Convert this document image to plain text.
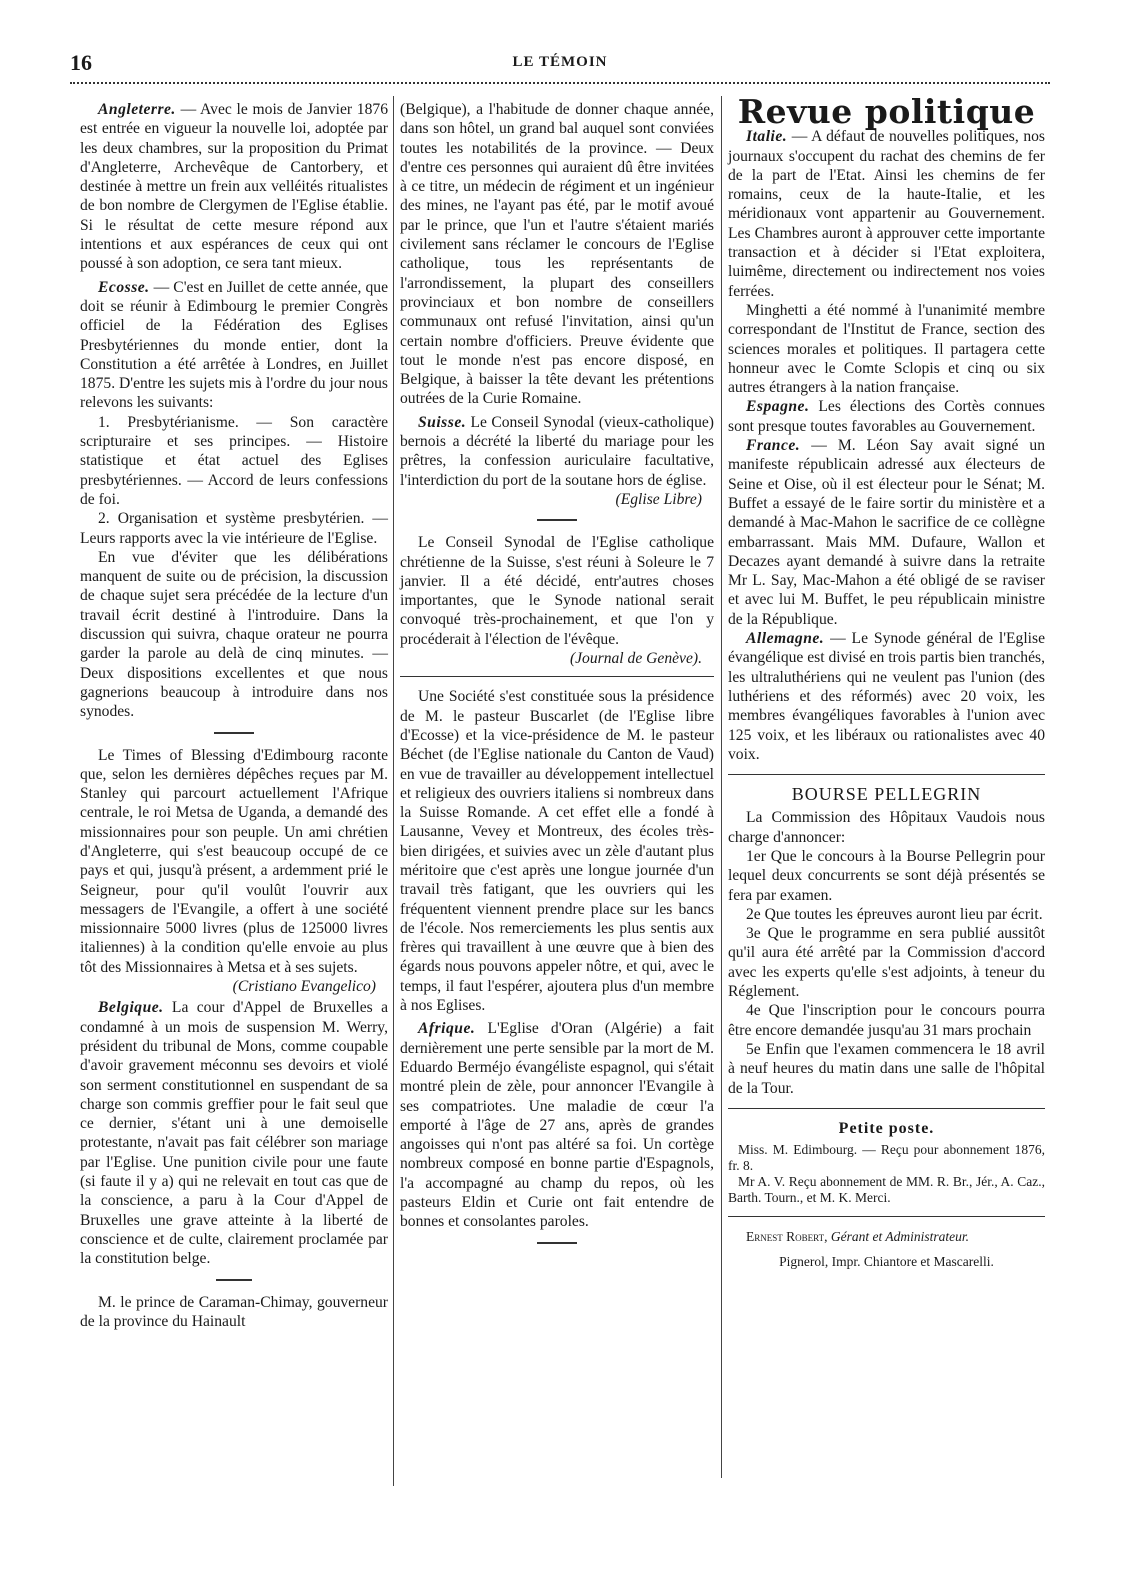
16	LE TÉMOIN

Angleterre. — Avec le mois de Janvier 1876 est entrée en vigueur la nouvelle loi, adoptée par les deux chambres, sur la proposition du Primat d'Angleterre, Archevêque de Cantorbery, et destinée à mettre un frein aux velléités ritualistes de bon nombre de Clergymen de l'Eglise établie. Si le résultat de cette mesure répond aux intentions et aux espérances de ceux qui ont poussé à son adoption, ce sera tant mieux.

Ecosse. — C'est en Juillet de cette année, que doit se réunir à Edimbourg le premier Congrès officiel de la Fédération des Eglises Presbytériennes du monde entier, dont la Constitution a été arrêtée à Londres, en Juillet 1875. D'entre les sujets mis à l'ordre du jour nous relevons les suivants:

1. Presbytérianisme. — Son caractère scripturaire et ses principes. — Histoire statistique et état actuel des Eglises presbytériennes. — Accord de leurs confessions de foi.

2. Organisation et système presbytérien. — Leurs rapports avec la vie intérieure de l'Eglise.

En vue d'éviter que les délibérations manquent de suite ou de précision, la discussion de chaque sujet sera précédée de la lecture d'un travail écrit destiné à l'introduire. Dans la discussion qui suivra, chaque orateur ne pourra garder la parole au delà de cinq minutes. — Deux dispositions excellentes et que nous gagnerions beaucoup à introduire dans nos synodes.

Le Times of Blessing d'Edimbourg raconte que, selon les dernières dépêches reçues par M. Stanley qui parcourt actuellement l'Afrique centrale, le roi Metsa de Uganda, a demandé des missionnaires pour son peuple. Un ami chrétien d'Angleterre, qui s'est beaucoup occupé de ce pays et qui, jusqu'à présent, a ardemment prié le Seigneur, pour qu'il voulût l'ouvrir aux messagers de l'Evangile, a offert à une société missionnaire 5000 livres (plus de 125000 livres italiennes) à la condition qu'elle envoie au plus tôt des Missionnaires à Metsa et à ses sujets.

(Cristiano Evangelico)

Belgique. La cour d'Appel de Bruxelles a condamné à un mois de suspension M. Werry, président du tribunal de Mons, comme coupable d'avoir gravement méconnu ses devoirs et violé son serment constitutionnel en suspendant de sa charge son commis greffier pour le fait seul que ce dernier, s'étant uni à une demoiselle protestante, n'avait pas fait célébrer son mariage par l'Eglise. Une punition civile pour une faute (si faute il y a) qui ne relevait en tout cas que de la conscience, a paru à la Cour d'Appel de Bruxelles une grave atteinte à la liberté de conscience et de culte, clairement proclamée par la constitution belge.

M. le prince de Caraman-Chimay, gouverneur de la province du Hainault

(Belgique), a l'habitude de donner chaque année, dans son hôtel, un grand bal auquel sont conviées toutes les notabilités de la province. — Deux d'entre ces personnes qui auraient dû être invitées à ce titre, un médecin de régiment et un ingénieur des mines, ne l'ayant pas été, par le motif avoué par le prince, que l'un et l'autre s'étaient mariés civilement sans réclamer le concours de l'Eglise catholique, tous les représentants de l'arrondissement, la plupart des conseillers provinciaux et bon nombre de conseillers communaux ont refusé l'invitation, ainsi qu'un certain nombre d'officiers. Preuve évidente que tout le monde n'est pas encore disposé, en Belgique, à baisser la tête devant les prétentions outrées de la Curie Romaine.

Suisse. Le Conseil Synodal (vieux-catholique) bernois a décrété la liberté du mariage pour les prêtres, la confession auriculaire facultative, l'interdiction du port de la soutane hors de église.

(Eglise Libre)

Le Conseil Synodal de l'Eglise catholique chrétienne de la Suisse, s'est réuni à Soleure le 7 janvier. Il a été décidé, entr'autres choses importantes, que le Synode national serait convoqué très-prochainement, et que l'on y procéderait à l'élection de l'évêque.

(Journal de Genève).

Une Société s'est constituée sous la présidence de M. le pasteur Buscarlet (de l'Eglise libre d'Ecosse) et la vice-présidence de M. le pasteur Béchet (de l'Eglise nationale du Canton de Vaud) en vue de travailler au développement intellectuel et religieux des ouvriers italiens si nombreux dans la Suisse Romande. A cet effet elle a fondé à Lausanne, Vevey et Montreux, des écoles très-bien dirigées, et suivies avec un zèle d'autant plus méritoire que c'est après une longue journée d'un travail très fatigant, que les ouvriers qui les fréquentent viennent prendre place sur les bancs de l'école. Nos remerciements les plus sentis aux frères qui travaillent à une œuvre que à bien des égards nous pouvons appeler nôtre, et qui, avec le temps, il faut l'espérer, ajoutera plus d'un membre à nos Eglises.

Afrique. L'Eglise d'Oran (Algérie) a fait dernièrement une perte sensible par la mort de M. Eduardo Berméjo évangéliste espagnol, qui s'était montré plein de zèle, pour annoncer l'Evangile à ses compatriotes. Une maladie de cœur l'a emporté à l'âge de 27 ans, après de grandes angoisses qui n'ont pas altéré sa foi. Un cortège nombreux composé en bonne partie d'Espagnols, l'a accompagné au champ du repos, où les pasteurs Eldin et Curie ont fait entendre de bonnes et consolantes paroles.

Revue politique

Italie. — A défaut de nouvelles politiques, nos journaux s'occupent du rachat des chemins de fer de la part de l'Etat. Ainsi les chemins de fer romains, ceux de la haute-Italie, et les méridionaux vont appartenir au Gouvernement. Les Chambres auront à approuver cette importante transaction et à décider si l'Etat exploitera, luimême, directement ou indirectement nos voies ferrées.

Minghetti a été nommé à l'unanimité membre correspondant de l'Institut de France, section des sciences morales et politiques. Il partagera cette honneur avec le Comte Sclopis et cinq ou six autres étrangers à la nation française.

Espagne. Les élections des Cortès connues sont presque toutes favorables au Gouvernement.

France. — M. Léon Say avait signé un manifeste républicain adressé aux électeurs de Seine et Oise, où il est électeur pour le Sénat; M. Buffet a essayé de le faire sortir du ministère et a demandé à Mac-Mahon le sacrifice de ce collègne embarrassant. Mais MM. Dufaure, Wallon et Decazes ayant demandé à suivre dans la retraite Mr L. Say, Mac-Mahon a été obligé de se raviser et avec lui M. Buffet, le peu républicain ministre de la République.

Allemagne. — Le Synode général de l'Eglise évangélique est divisé en trois partis bien tranchés, les ultraluthériens qui ne veulent pas l'union (des luthériens et des réformés) avec 20 voix, les membres évangéliques favorables à l'union avec 125 voix, et les libéraux ou rationalistes avec 40 voix.

BOURSE PELLEGRIN

La Commission des Hôpitaux Vaudois nous charge d'annoncer:

1er Que le concours à la Bourse Pellegrin pour lequel deux concurrents se sont déjà présentés se fera par examen.

2e Que toutes les épreuves auront lieu par écrit.

3e Que le programme en sera publié aussitôt qu'il aura été arrêté par la Commission d'accord avec les experts qu'elle s'est adjoints, à teneur du Réglement.

4e Que l'inscription pour le concours pourra être encore demandée jusqu'au 31 mars prochain

5e Enfin que l'examen commencera le 18 avril à neuf heures du matin dans une salle de l'hôpital de la Tour.

Petite poste.

Miss. M. Edimbourg. — Reçu pour abonnement 1876, fr. 8.

Mr A. V. Reçu abonnement de MM. R. Br., Jér., A. Caz., Barth. Tourn., et M. K. Merci.

Ernest Robert, Gérant et Administrateur.

Pignerol, Impr. Chiantore et Mascarelli.
